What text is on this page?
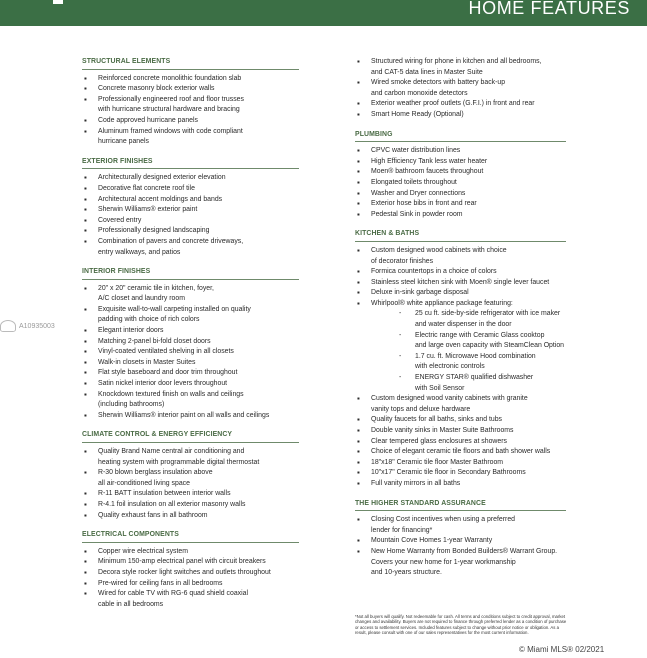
HOME FEATURES
STRUCTURAL ELEMENTS
▪ Reinforced concrete monolithic foundation slab
▪ Concrete masonry block exterior walls
▪ Professionally engineered roof and floor trusses
with hurricane structural hardware and bracing
▪ Code approved hurricane panels
▪ Aluminum framed windows with code compliant
hurricane panels
EXTERIOR FINISHES
▪ Architecturally designed exterior elevation
▪ Decorative flat concrete roof tile
▪ Architectural accent moldings and bands
▪ Sherwin Williams® exterior paint
▪ Covered entry
▪ Professionally designed landscaping
▪ Combination of pavers and concrete driveways,
entry walkways, and patios
INTERIOR FINISHES
▪ 20" x 20" ceramic tile in kitchen, foyer,
A/C closet and laundry room
▪ Exquisite wall-to-wall carpeting installed on quality
padding with choice of rich colors
▪ Elegant interior doors
▪ Matching 2-panel bi-fold closet doors
▪ Vinyl-coated ventilated shelving in all closets
▪ Walk-in closets in Master Suites
▪ Flat style baseboard and door trim throughout
▪ Satin nickel interior door levers throughout
▪ Knockdown textured finish on walls and ceilings
(including bathrooms)
▪ Sherwin Williams® interior paint on all walls and ceilings
CLIMATE CONTROL & ENERGY EFFICIENCY
▪ Quality Brand Name central air conditioning and
heating system with programmable digital thermostat
▪ R-30 blown berglass insulation above
all air-conditioned living space
▪ R-11 BATT insulation between interior walls
▪ R-4.1 foil insulation on all exterior masonry walls
▪ Quality exhaust fans in all bathroom
ELECTRICAL COMPONENTS
▪ Copper wire electrical system
▪ Minimum 150-amp electrical panel with circuit breakers
▪ Decora style rocker light switches and outlets throughout
▪ Pre-wired for ceiling fans in all bedrooms
▪ Wired for cable TV with RG-6 quad shield coaxial
cable in all bedrooms
▪ Structured wiring for phone in kitchen and all bedrooms,
and CAT-5 data lines in Master Suite
▪ Wired smoke detectors with battery back-up
and carbon monoxide detectors
▪ Exterior weather proof outlets (G.F.I.) in front and rear
▪ Smart Home Ready (Optional)
PLUMBING
▪ CPVC water distribution lines
▪ High Efficiency Tank less water heater
▪ Moen® bathroom faucets throughout
▪ Elongated toilets throughout
▪ Washer and Dryer connections
▪ Exterior hose bibs in front and rear
▪ Pedestal Sink in powder room
KITCHEN & BATHS
▪ Custom designed wood cabinets with choice
of decorator finishes
▪ Formica countertops in a choice of colors
▪ Stainless steel kitchen sink with Moen® single lever faucet
▪ Deluxe in-sink garbage disposal
▪ Whirlpool® white appliance package featuring:
- 25 cu ft. side-by-side refrigerator with ice maker
and water dispenser in the door
- Electric range with Ceramic Glass cooktop
and large oven capacity with SteamClean Option
- 1.7 cu. ft. Microwave Hood combination
with electronic controls
- ENERGY STAR® qualified dishwasher
with Soil Sensor
▪ Custom designed wood vanity cabinets with granite
vanity tops and deluxe hardware
▪ Quality faucets for all baths, sinks and tubs
▪ Double vanity sinks in Master Suite Bathrooms
▪ Clear tempered glass enclosures at showers
▪ Choice of elegant ceramic tile floors and bath shower walls
▪ 18"x18" Ceramic tile floor Master Bathroom
▪ 10"x17" Ceramic tile floor in Secondary Bathrooms
▪ Full vanity mirrors in all baths
THE HIGHER STANDARD ASSURANCE
▪ Closing Cost incentives when using a preferred
lender for financing*
▪ Mountain Cove Homes 1-year Warranty
▪ New Home Warranty from Bonded Builders® Warrant Group.
Covers your new home for 1-year workmanship
and 10-years structure.
*Not all buyers will qualify. Not redeemable for cash. All terms and conditions subject to credit approval, market changes and availability. Buyers are not required to finance through preferred lender as a condition of purchase or access to settlement services. Included features subject to change without prior notice or obligation. As a result, please consult with one of our sales representatives for the most current information.
A10935003
© Miami MLS® 02/2021
